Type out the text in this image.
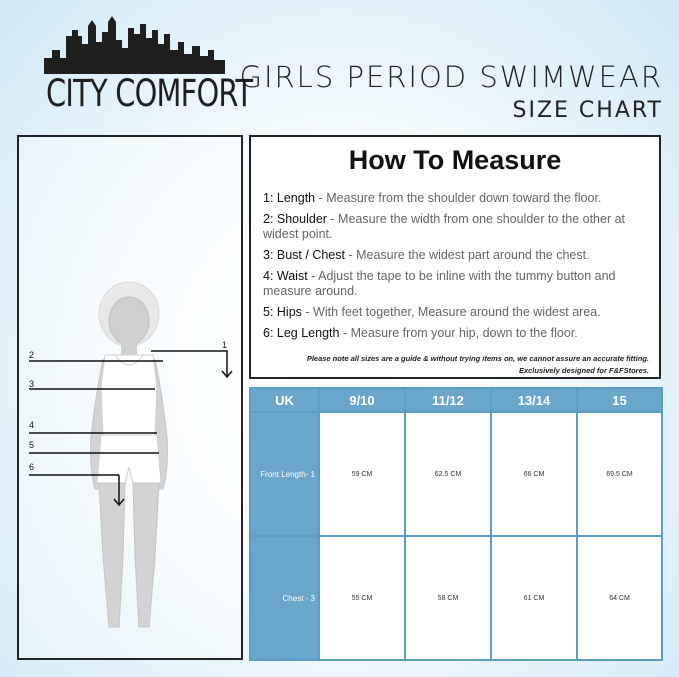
CITY COMFORT
GIRLS PERIOD SWIMWEAR
SIZE CHART
1
2
3
4
5
6
How To Measure
1: Length - Measure from the shoulder down toward the floor.
2: Shoulder - Measure the width from one shoulder to the other at widest point.
3: Bust / Chest - Measure the widest part around the chest.
4: Waist - Adjust the tape to be inline with the tummy button and measure around.
5: Hips - With feet together, Measure around the widest area.
6: Leg Length - Measure from your hip, down to the floor.
Please note all sizes are a guide & without trying items on, we cannot assure an accurate fitting.
Exclusively designed for F&FStores.
UK	9/10	11/12	13/14	15
Front Length- 1	59 CM	62.5 CM	66 CM	69.5 CM
Chest - 3	55 CM	58 CM	61 CM	64 CM
